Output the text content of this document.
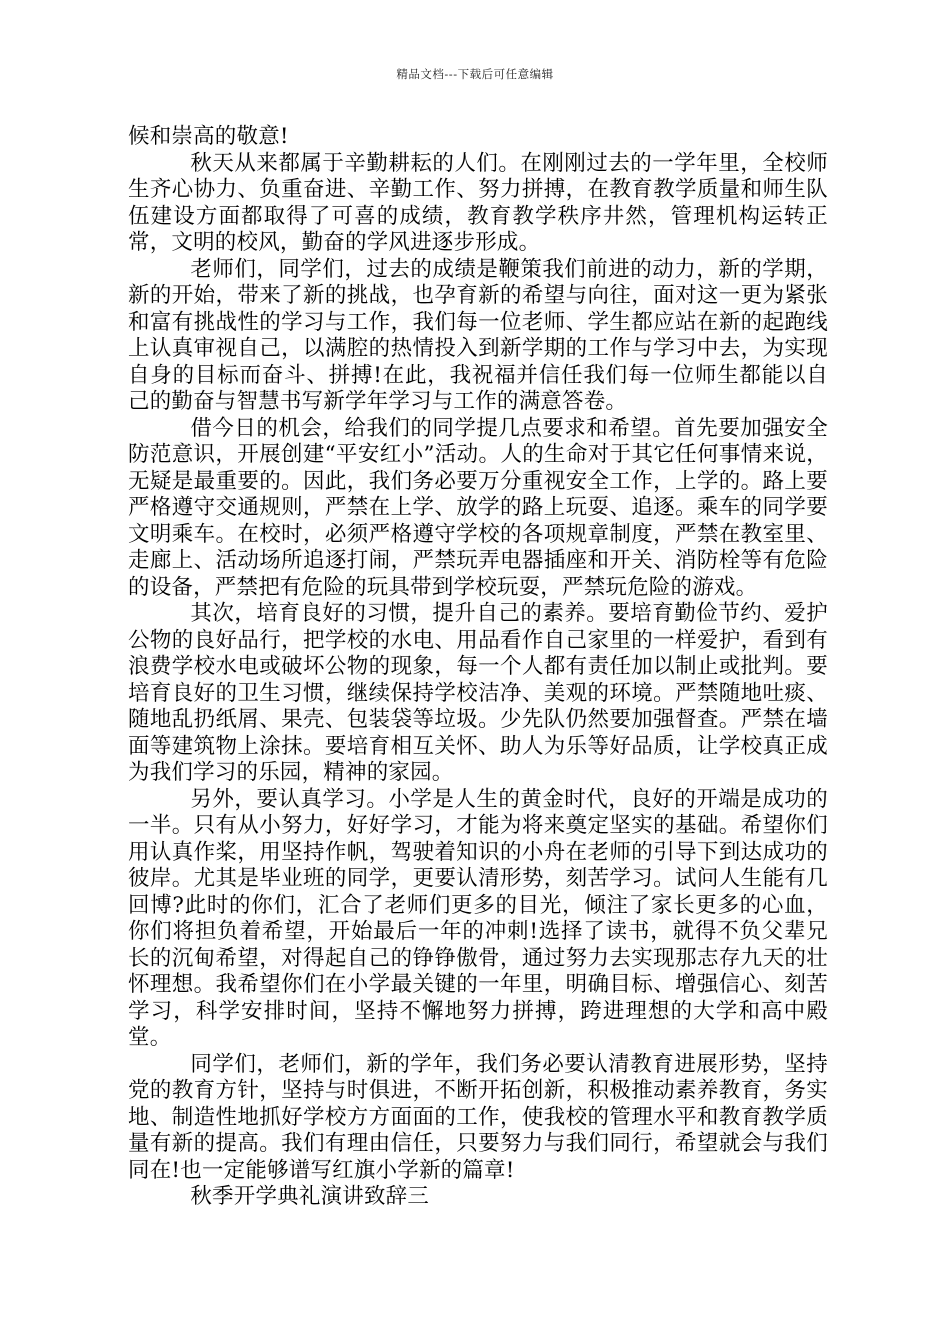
精品文档---下载后可任意编辑

候和崇高的敬意!

秋天从来都属于辛勤耕耘的人们。在刚刚过去的一学年里，全校师生齐心协力、负重奋进、辛勤工作、努力拼搏，在教育教学质量和师生队伍建设方面都取得了可喜的成绩，教育教学秩序井然，管理机构运转正常，文明的校风，勤奋的学风进逐步形成。

老师们，同学们，过去的成绩是鞭策我们前进的动力，新的学期，新的开始，带来了新的挑战，也孕育新的希望与向往，面对这一更为紧张和富有挑战性的学习与工作，我们每一位老师、学生都应站在新的起跑线上认真审视自己，以满腔的热情投入到新学期的工作与学习中去，为实现自身的目标而奋斗、拼搏!在此，我祝福并信任我们每一位师生都能以自己的勤奋与智慧书写新学年学习与工作的满意答卷。

借今日的机会，给我们的同学提几点要求和希望。首先要加强安全防范意识，开展创建“平安红小”活动。人的生命对于其它任何事情来说，无疑是最重要的。因此，我们务必要万分重视安全工作，上学的。路上要严格遵守交通规则，严禁在上学、放学的路上玩耍、追逐。乘车的同学要文明乘车。在校时，必须严格遵守学校的各项规章制度，严禁在教室里、走廊上、活动场所追逐打闹，严禁玩弄电器插座和开关、消防栓等有危险的设备，严禁把有危险的玩具带到学校玩耍，严禁玩危险的游戏。

其次，培育良好的习惯，提升自己的素养。要培育勤俭节约、爱护公物的良好品行，把学校的水电、用品看作自己家里的一样爱护，看到有浪费学校水电或破坏公物的现象，每一个人都有责任加以制止或批判。要培育良好的卫生习惯，继续保持学校洁净、美观的环境。严禁随地吐痰、随地乱扔纸屑、果壳、包装袋等垃圾。少先队仍然要加强督查。严禁在墙面等建筑物上涂抹。要培育相互关怀、助人为乐等好品质，让学校真正成为我们学习的乐园，精神的家园。

另外，要认真学习。小学是人生的黄金时代，良好的开端是成功的一半。只有从小努力，好好学习，才能为将来奠定坚实的基础。希望你们用认真作桨，用坚持作帆，驾驶着知识的小舟在老师的引导下到达成功的彼岸。尤其是毕业班的同学，更要认清形势，刻苦学习。试问人生能有几回博?此时的你们，汇合了老师们更多的目光，倾注了家长更多的心血，你们将担负着希望，开始最后一年的冲刺!选择了读书，就得不负父辈兄长的沉甸希望，对得起自己的铮铮傲骨，通过努力去实现那志存九天的壮怀理想。我希望你们在小学最关键的一年里，明确目标、增强信心、刻苦学习，科学安排时间，坚持不懈地努力拼搏，跨进理想的大学和高中殿堂。

同学们，老师们，新的学年，我们务必要认清教育进展形势，坚持党的教育方针，坚持与时俱进，不断开拓创新，积极推动素养教育，务实地、制造性地抓好学校方方面面的工作，使我校的管理水平和教育教学质量有新的提高。我们有理由信任，只要努力与我们同行，希望就会与我们同在!也一定能够谱写红旗小学新的篇章!

秋季开学典礼演讲致辞三
